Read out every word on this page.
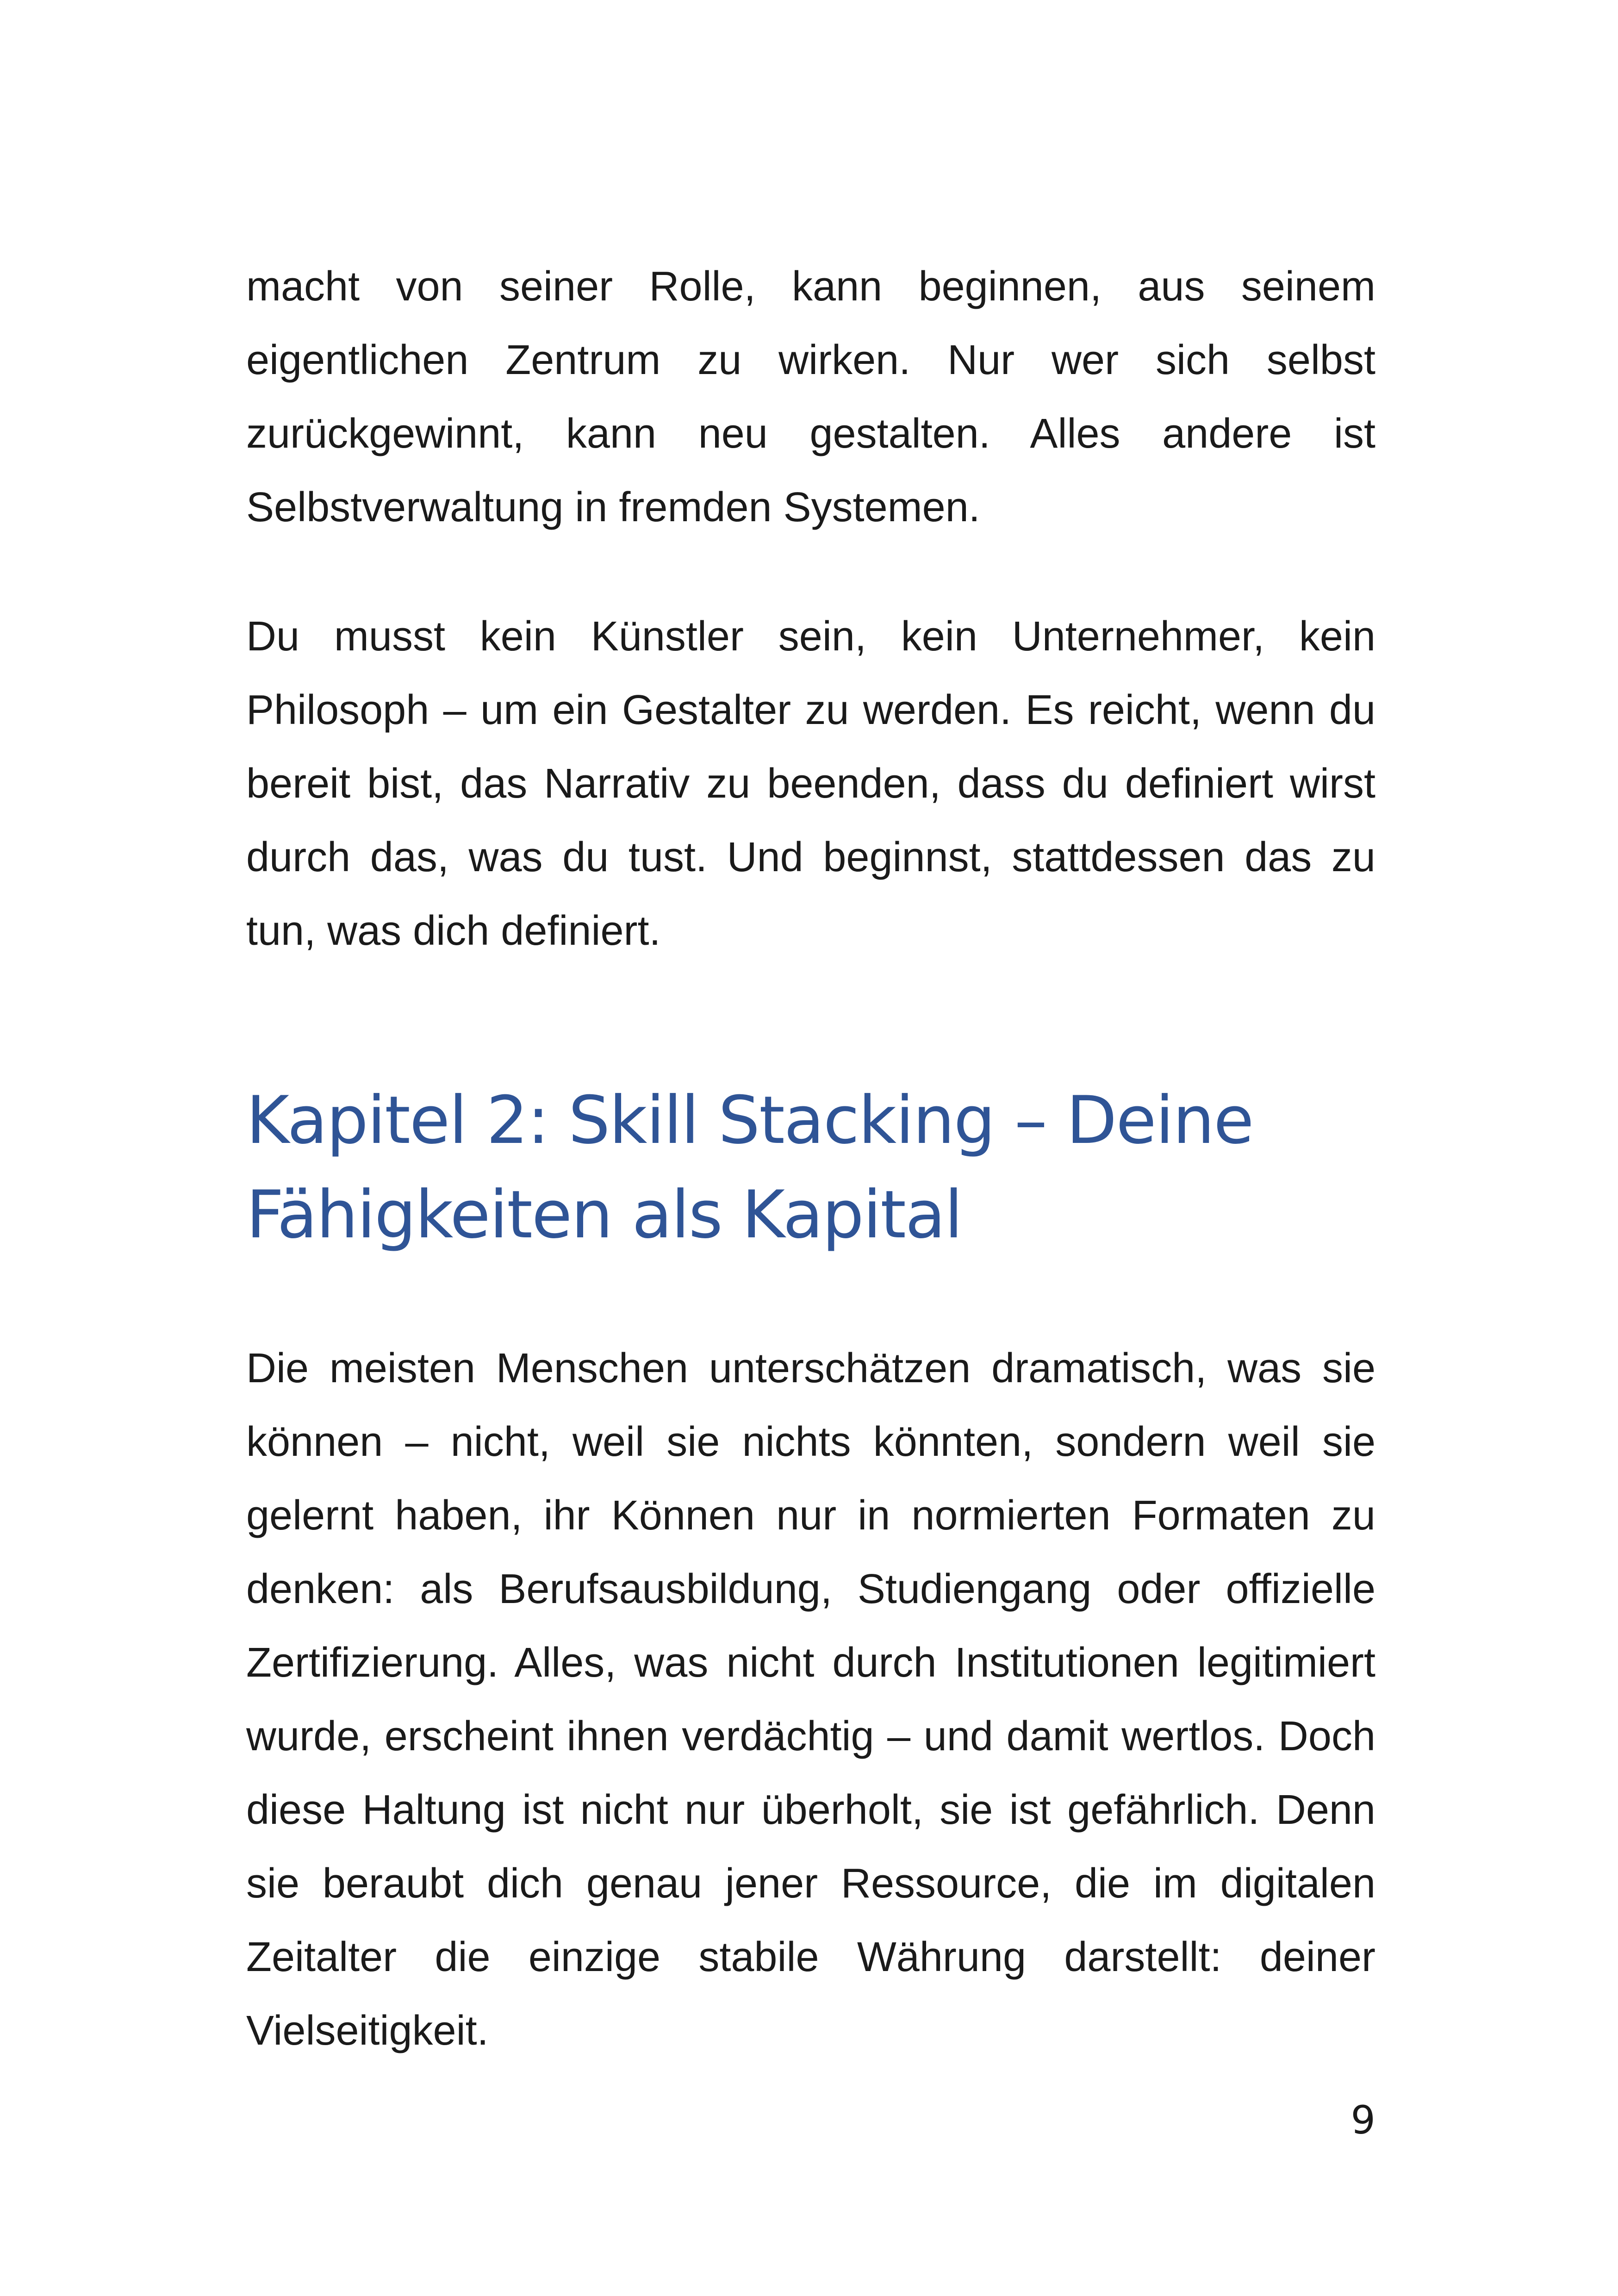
macht von seiner Rolle, kann beginnen, aus seinem eigentlichen Zentrum zu wirken. Nur wer sich selbst zurückgewinnt, kann neu gestalten. Alles andere ist Selbstverwaltung in fremden Systemen.

Du musst kein Künstler sein, kein Unternehmer, kein Philosoph – um ein Gestalter zu werden. Es reicht, wenn du bereit bist, das Narrativ zu beenden, dass du definiert wirst durch das, was du tust. Und beginnst, stattdessen das zu tun, was dich definiert.

Kapitel 2: Skill Stacking – Deine Fähigkeiten als Kapital

Die meisten Menschen unterschätzen dramatisch, was sie können – nicht, weil sie nichts könnten, sondern weil sie gelernt haben, ihr Können nur in normierten Formaten zu denken: als Berufsausbildung, Studiengang oder offizielle Zertifizierung. Alles, was nicht durch Institutionen legitimiert wurde, erscheint ihnen verdächtig – und damit wertlos. Doch diese Haltung ist nicht nur überholt, sie ist gefährlich. Denn sie beraubt dich genau jener Ressource, die im digitalen Zeitalter die einzige stabile Währung darstellt: deiner Vielseitigkeit.

9
